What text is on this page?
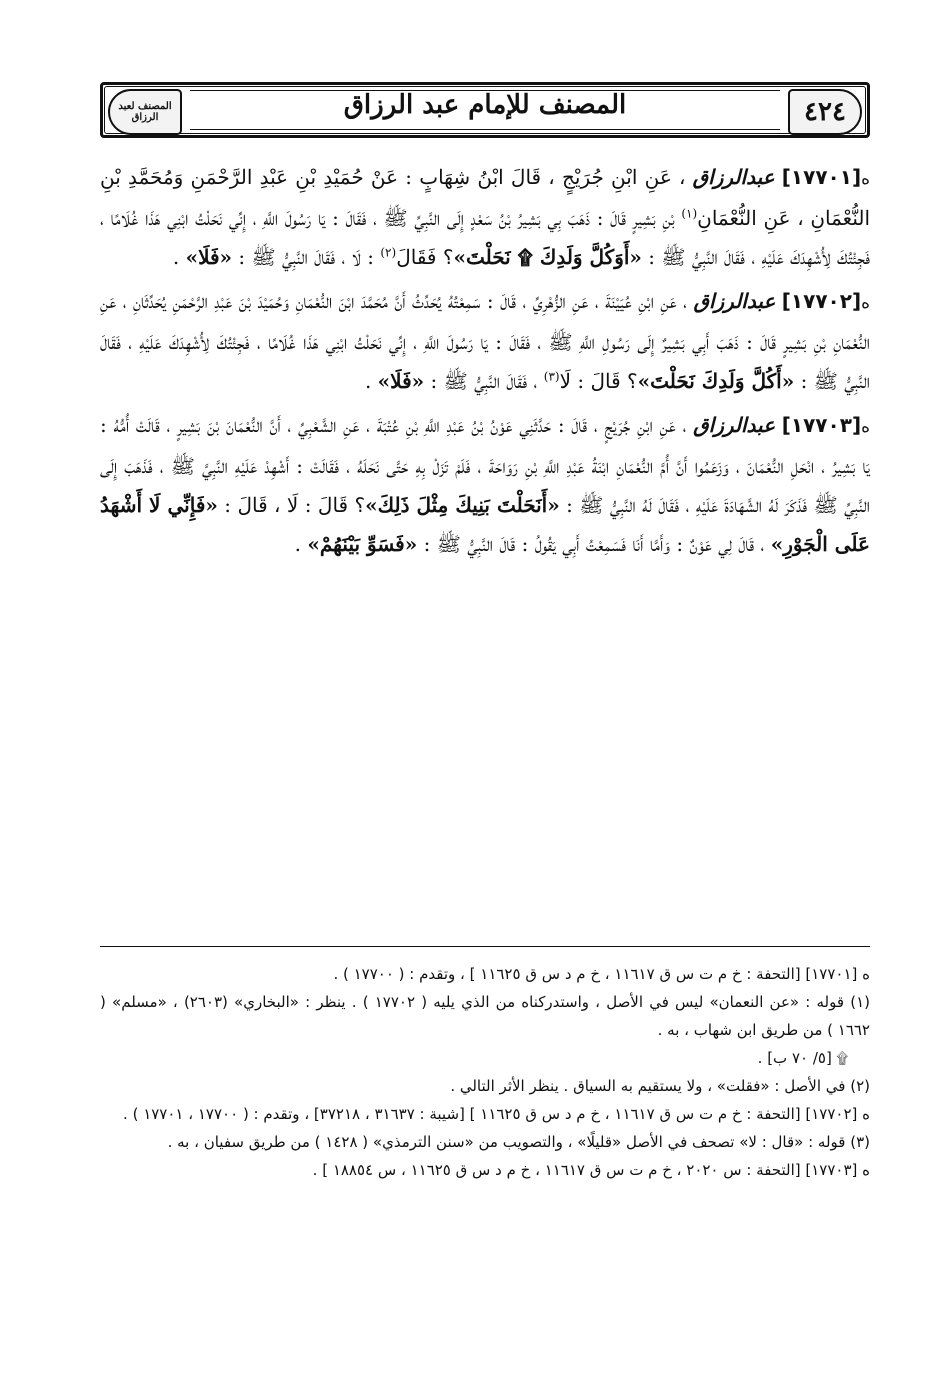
٤٢٤
المصنف للإمام عبد الرزاق
المصنف لعبد الرزاق

ه[١٧٧٠١] عبدالرزاق ، عَنِ ابْنِ جُرَيْجٍ ، قَالَ ابْنُ شِهَابٍ : عَنْ حُمَيْدِ بْنِ عَبْدِ الرَّحْمَنِ وَمُحَمَّدِ بْنِ النُّعْمَانِ ، عَنِ النُّعْمَانِ$^{(١)}$ بْنِ بَشِيرٍ قَالَ : ذَهَبَ بِي بَشِيرُ بْنُ سَعْدٍ إِلَى النَّبِيِّ ﷺ ، فَقَالَ : يَا رَسُولَ اللَّهِ ، إِنِّي نَحَلْتُ ابْنِي هَذَا غُلَامًا ، فَجِئْتُكَ لِأُشْهِدَكَ عَلَيْهِ ، فَقَالَ النَّبِيُّ ﷺ : «أَوَكُلَّ وَلَدِكَ ۩ نَحَلْتَ»؟ فَقَالَ$^{(٢)}$ : لَا ، فَقَالَ النَّبِيُّ ﷺ : «فَلَا» .

ه[١٧٧٠٢] عبدالرزاق ، عَنِ ابْنِ عُيَيْنَةَ ، عَنِ الزُّهْرِيِّ ، قَالَ : سَمِعْتُهُ يُحَدِّثُ أَنَّ مُحَمَّدَ ابْنَ النُّعْمَانِ وَحُمَيْدَ بْنَ عَبْدِ الرَّحْمَنِ يُحَدِّثَانِ ، عَنِ النُّعْمَانِ بْنِ بَشِيرٍ قَالَ : ذَهَبَ أَبِي بَشِيرٌ إِلَى رَسُولِ اللَّهِ ﷺ ، فَقَالَ : يَا رَسُولَ اللَّهِ ، إِنِّي نَحَلْتُ ابْنِي هَذَا غُلَامًا ، فَجِئْتُكَ لِأُشْهِدَكَ عَلَيْهِ ، فَقَالَ النَّبِيُّ ﷺ : «أَكُلَّ وَلَدِكَ نَحَلْتَ»؟ قَالَ : لَا$^{(٣)}$ ، فَقَالَ النَّبِيُّ ﷺ : «فَلَا» .

ه[١٧٧٠٣] عبدالرزاق ، عَنِ ابْنِ جُرَيْجٍ ، قَالَ : حَدَّثَنِي عَوْنُ بْنُ عَبْدِ اللَّهِ بْنِ عُتْبَةَ ، عَنِ الشَّعْبِيِّ ، أَنَّ النُّعْمَانَ بْنَ بَشِيرٍ ، قَالَتْ أُمُّهُ : يَا بَشِيرُ ، انْحَلِ النُّعْمَانَ ، وَزَعَمُوا أَنَّ أُمَّ النُّعْمَانِ ابْنَةُ عَبْدِ اللَّهِ بْنِ رَوَاحَةَ ، فَلَمْ تَزَلْ بِهِ حَتَّى نَحَلَهُ ، فَقَالَتْ : أَشْهِدْ عَلَيْهِ النَّبِيَّ ﷺ ، فَذَهَبَ إِلَى النَّبِيِّ ﷺ فَذَكَرَ لَهُ الشَّهَادَةَ عَلَيْهِ ، فَقَالَ لَهُ النَّبِيُّ ﷺ : «أَنَحَلْتَ بَنِيكَ مِثْلَ ذَلِكَ»؟ قَالَ : لَا ، قَالَ : «فَإِنِّي لَا أَشْهَدُ عَلَى الْجَوْرِ» ، قَالَ لِي عَوْنٌ : وَأَمَّا أَنَا فَسَمِعْتُ أَبِي يَقُولُ : قَالَ النَّبِيُّ ﷺ : «فَسَوِّ بَيْنَهُمْ» .

ه [١٧٧٠١] [التحفة : خ م ت س ق ١١٦١٧ ، خ م د س ق ١١٦٢٥ ] ، وتقدم : ( ١٧٧٠٠ ) .

(١) قوله : «عن النعمان» ليس في الأصل ، واستدركناه من الذي يليه ( ١٧٧٠٢ ) . ينظر : «البخاري» (٢٦٠٣) ، «مسلم» ( ١٦٦٢ ) من طريق ابن شهاب ، به .

۩ [٥/ ٧٠ ب] .

(٢) في الأصل : «فقلت» ، ولا يستقيم به السياق . ينظر الأثر التالي .

ه [١٧٧٠٢] [التحفة : خ م ت س ق ١١٦١٧ ، خ م د س ق ١١٦٢٥ ] [شيبة : ٣١٦٣٧ ، ٣٧٢١٨] ، وتقدم : ( ١٧٧٠٠ ، ١٧٧٠١ ) .

(٣) قوله : «قال : لا» تصحف في الأصل «قليلًا» ، والتصويب من «سنن الترمذي» ( ١٤٢٨ ) من طريق سفيان ، به .

ه [١٧٧٠٣] [التحفة : س ٢٠٢٠ ، خ م ت س ق ١١٦١٧ ، خ م د س ق ١١٦٢٥ ، س ١٨٨٥٤ ] .
